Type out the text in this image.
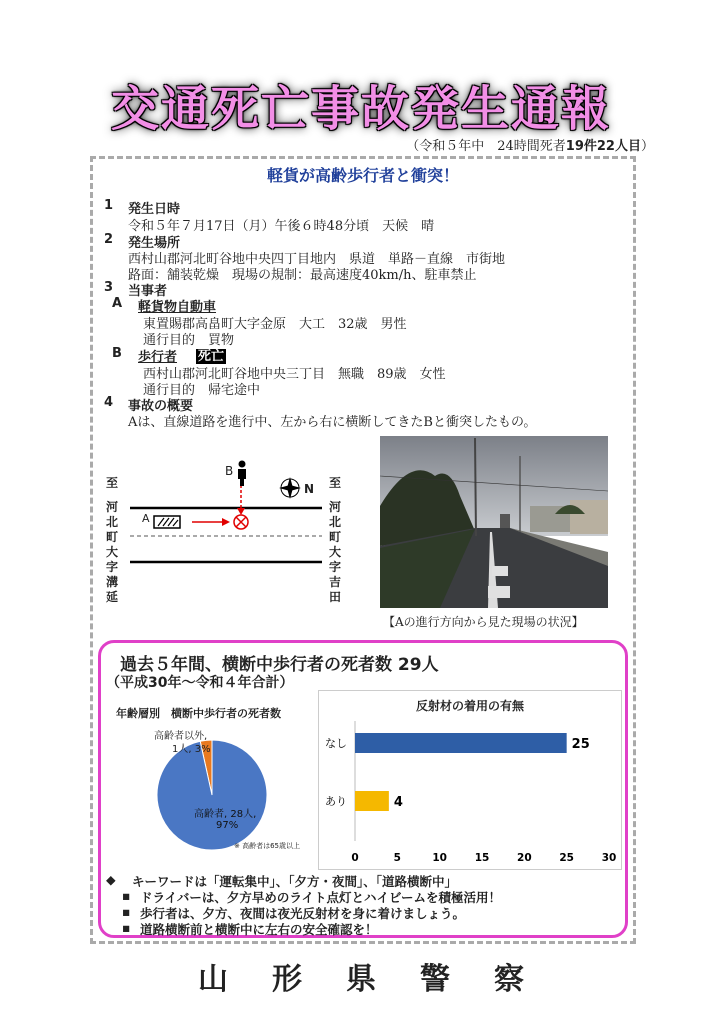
交通死亡事故発生通報
（令和５年中　24時間死者19件22人目）
軽貨が高齢歩行者と衝突！
1 発生日時
令和５年７月17日（月）午後６時48分頃　天候　晴
2 発生場所
西村山郡河北町谷地中央四丁目地内　県道　単路－直線　市街地
路面：舗装乾燥　現場の規制：最高速度40km/h、駐車禁止
3 当事者
A 軽貨物自動車
東置賜郡高畠町大字金原　大工　32歳　男性
通行目的　買物
B 歩行者 死亡
西村山郡河北町谷地中央三丁目　無職　89歳　女性
通行目的　帰宅途中
4 事故の概要
Aは、直線道路を進行中、左から右に横断してきたBと衝突したもの。
至
河
北
町
大
字
溝
延
至
河
北
町
大
字
吉
田
A
B
N
【Aの進行方向から見た現場の状況】
過去５年間、横断中歩行者の死者数 29人
（平成30年～令和４年合計）
年齢層別　横断中歩行者の死者数
高齢者以外,
1人, 3%
高齢者, 28人,
97%
※ 高齢者は65歳以上
反射材の着用の有無
なし	25
あり	4
0	5	10	15	20	25	30
◆ キーワードは「運転集中」、「夕方・夜間」、「道路横断中」
▪ ドライバーは、夕方早めのライト点灯とハイビームを積極活用！
▪ 歩行者は、夕方、夜間は夜光反射材を身に着けましょう。
▪ 道路横断前と横断中に左右の安全確認を！
山 形 県 警 察
